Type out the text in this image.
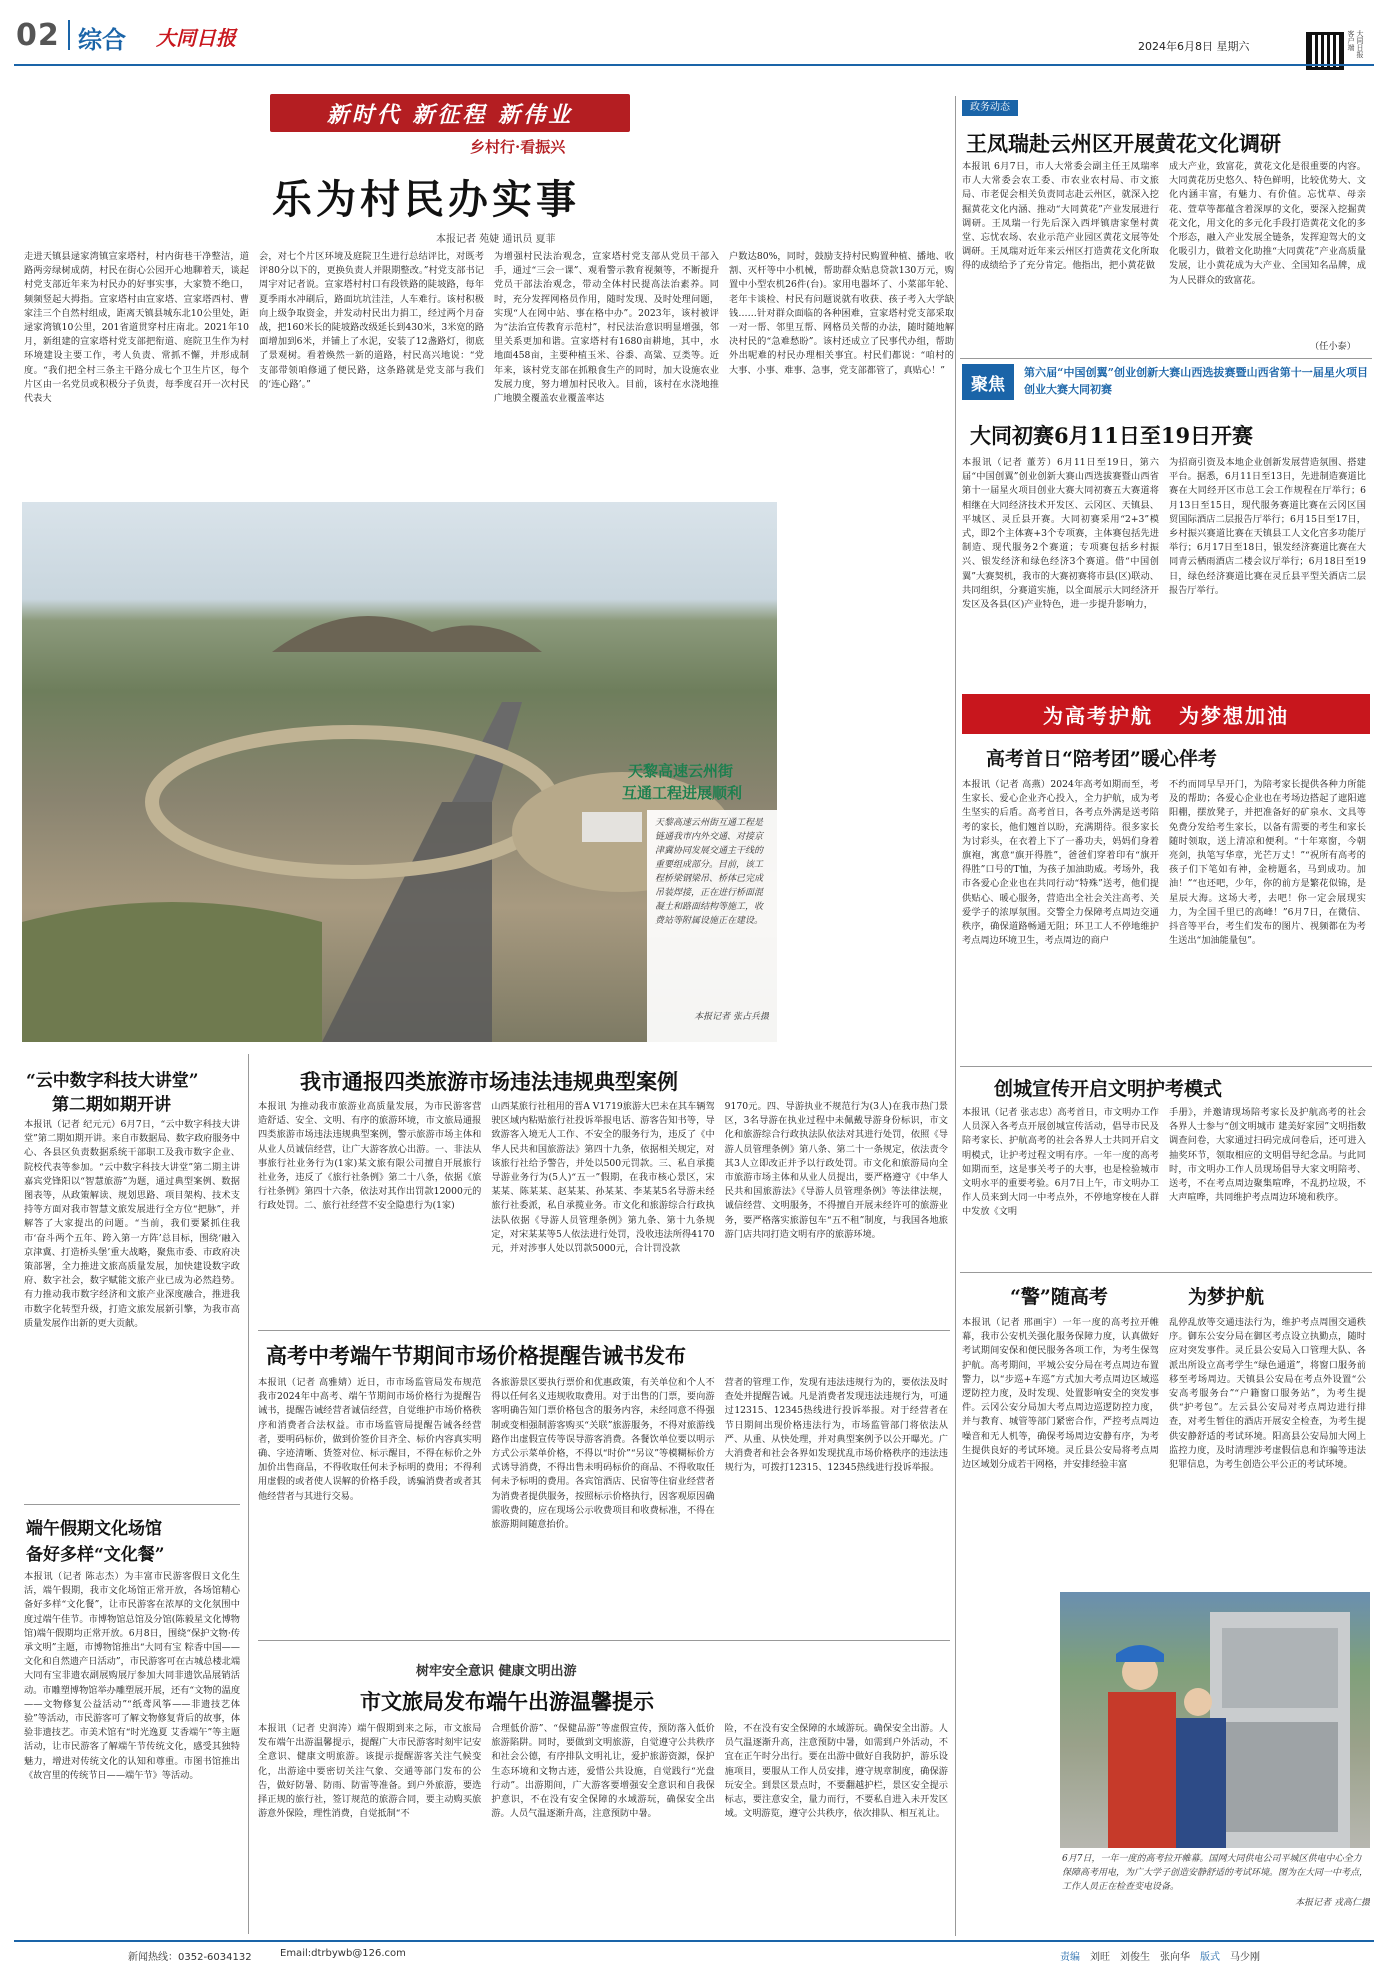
02 综合 大同日报	2024年6月8日 星期六	大同日报客户端
新时代 新征程 新伟业
乡村行·看振兴
乐为村民办实事
本报记者 苑婕 通讯员 夏菲
走进天镇县逯家湾镇宣家塔村，村内街巷干净整洁，道路两旁绿树成荫，村民在街心公园开心地聊着天，谈起村党支部近年来为村民办的好事实事，大家赞不绝口，频频竖起大拇指。宣家塔村由宣家塔、宣家塔西村、曹家洼三个自然村组成，距离天镇县城东北10公里处，距逯家湾镇10公里，201省道贯穿村庄南北。2021年10月，新组建的宣家塔村党支部把衔道、庭院卫生作为村环境建设主要工作，考人负责、常抓不懈，并形成制度。“我们把全村三条主干路分成七个卫生片区，每个片区由一名党员或积极分子负责，每季度召开一次村民代表大
会，对七个片区环境及庭院卫生进行总结评比，对既考评80分以下的，更换负责人并限期整改。”村党支部书记周宇对记者说。宣家塔村村口有段铁路的陡坡路，每年夏季雨水冲刷后，路面坑坑洼洼，人车难行。该村积极向上级争取资金，并发动村民出力捐工，经过两个月奋战，把160米长的陡坡路改级延长到430米，3米宽的路面增加到6米，并铺上了水泥，安装了12盏路灯，彻底了景观树。看着焕然一新的道路，村民高兴地说：“党支部带领咱修通了便民路，这条路就是党支部与我们的‘连心路’。”
为增强村民法治观念，宣家塔村党支部从党员干部入手，通过“三会一课”、观看警示教育视频等，不断提升党员干部法治观念，带动全体村民提高法治素养。同时，充分发挥网格员作用，随时发现、及时处理问题，实现“人在网中站、事在格中办”。2023年，该村被评为“法治宣传教育示范村”，村民法治意识明显增强，邻里关系更加和谐。宣家塔村有1680亩耕地，其中，水地面458亩，主要种植玉米、谷黍、高粱、豆类等。近年来，该村党支部在抓粮食生产的同时，加大设施农业发展力度，努力增加村民收入。目前，该村在水浇地推广地膜全覆盖农业覆盖率达
户数达80%，同时，鼓励支持村民购置种植、播地、收割、灭杆等中小机械，帮助群众贴息贷款130万元，购置中小型农机26件(台)。家用电器坏了、小菜部年轮、老年卡谈检、村民有问题说就有收获、孩子考入大学缺钱……针对群众面临的各种困难，宣家塔村党支部采取一对一帮、邻里互帮、网格员关帮的办法，随时随地解决村民的“急难愁盼”。该村还成立了民事代办组，帮助外出呢难的村民办理相关事宜。村民们都说：“咱村的大事、小事、难事、急事，党支部都管了，真贴心！”
天黎高速云州街
互通工程进展顺利
天黎高速云州街互通工程是链通我市内外交通、对接京津冀协同发展交通主干线的重要组成部分。目前，该工程桥梁钢梁吊、桥体已完成吊装焊接，正在进行桥面混凝土和路面结构等施工，收费站等附属设施正在建设。
本报记者 张占兵摄
政务动态
王凤瑞赴云州区开展黄花文化调研
本报讯 6月7日，市人大常委会副主任王凤瑞率市人大常委会农工委、市农业农村局、市文旅局、市老促会相关负责同志赴云州区，就深入挖掘黄花文化内涵、推动“大同黄花”产业发展进行调研。王凤瑞一行先后深入西坪镇唐家堡村黄堂、忘忧农场、农业示范产业园区黄花文展等处调研。王凤瑞对近年来云州区打造黄花文化所取得的成绩给予了充分肯定。他指出，把小黄花做
成大产业，致富花，黄花文化是很重要的内容。大同黄花历史悠久、特色鲜明，比较优势大、文化内涵丰富，有魅力、有价值。忘忧草、母亲花、萱草等都蕴含着深厚的文化，要深入挖掘黄花文化，用文化的多元化手段打造黄花文化的多个形态，融入产业发展全链条，发挥迎驾大的文化吸引力，做着文化助推“大同黄花”产业高质量发展，让小黄花成为大产业、全国知名品牌，成为人民群众的致富花。
（任小泰）
聚焦
第六届“中国创翼”创业创新大赛山西选拔赛暨山西省第十一届星火项目创业大赛大同初赛
大同初赛6月11日至19日开赛
本报讯（记者 董芳）6月11日至19日，第六届“中国创翼”创业创新大赛山西选拔赛暨山西省第十一届星火项目创业大赛大同初赛五大赛道将相继在大同经济技术开发区、云冈区、天镇县、平城区、灵丘县开赛。大同初赛采用“2+3”模式，即2个主体赛+3个专项赛，主体赛包括先进制造、现代服务2个赛道；专项赛包括乡村振兴、银发经济和绿色经济3个赛道。借“中国创翼”大赛契机，我市的大赛初赛将市县(区)联动、共同组织，分赛道实施，以全面展示大同经济开发区及各县(区)产业特色，进一步提升影响力，
为招商引资及本地企业创新发展营造氛围、搭建平台。据悉，6月11日至13日，先进制造赛道比赛在大同经开区市总工会工作规程在厅举行；6月13日至15日，现代服务赛道比赛在云冈区国贸国际酒店二层报告厅举行；6月15日至17日，乡村振兴赛道比赛在天镇县工人文化宫多功能厅举行；6月17日至18日，银发经济赛道比赛在大同青云栖雨酒店二楼会议厅举行；6月18日至19日，绿色经济赛道比赛在灵丘县平型关酒店二层报告厅举行。
为高考护航 为梦想加油
高考首日“陪考团”暖心伴考
本报讯（记者 高燕）2024年高考如期而至，考生家长、爱心企业齐心投入，全力护航，成为考生坚实的后盾。高考首日，各考点外满是送考陪考的家长，他们翘首以盼，充满期待。很多家长为讨彩头，在衣着上下了一番功夫，妈妈们身着旗袍，寓意“旗开得胜”，爸爸们穿着印有“旗开得胜”口号的T恤，为孩子加油助威。考场外，我市各爱心企业也在共同行动“特殊”送考，他们提供贴心、暖心服务，营造出全社会关注高考、关爱学子的浓厚氛围。交警全力保障考点周边交通秩序，确保道路畅通无阻；环卫工人不停地维护考点周边环境卫生，考点周边的商户
不约而同早早开门，为陪考家长提供各种力所能及的帮助；各爱心企业也在考场边搭起了遮阳遮阳棚，摆放凳子，并把准备好的矿泉水、文具等免费分发给考生家长，以备有需要的考生和家长随时领取，送上清凉和便利。“十年寒窗，今朝亮剑，执笔写华章，光芒万丈！”“祝所有高考的孩子们下笔如有神，金榜题名，马到成功。加油！”“也还吧，少年，你的前方是繁花似锦，是星辰大海。这场大考，去吧！你一定会展现实力，为全国千里已的高峰！”6月7日，在微信、抖音等平台，考生们发布的图片、视频都在为考生送出“加油能量包”。
创城宣传开启文明护考模式
本报讯（记者 张志忠）高考首日，市文明办工作人员深入各考点开展创城宣传活动，倡导市民及陪考家长、护航高考的社会各界人士共同开启文明模式，让护考过程文明有序。一年一度的高考如期而至，这是事关考子的大事，也是检验城市文明水平的重要考验。6月7日上午，市文明办工作人员来到大同一中考点外，不停地穿梭在人群中发放《文明
手册》，并邀请现场陪考家长及护航高考的社会各界人士参与“创文明城市 建美好家园”文明指数调查问卷，大家通过扫码完成问卷后，还可进入抽奖环节，领取相应的文明倡导纪念品。与此同时，市文明办工作人员现场倡导大家文明陪考、送考，不在考点周边聚集喧哗，不乱扔垃圾，不大声喧哗，共同维护考点周边环境和秩序。
“警”随高考	为梦护航
本报讯（记者 邢画宇）一年一度的高考拉开帷幕，我市公安机关强化服务保障力度，认真做好考试期间安保和便民服务各项工作，为考生保驾护航。高考期间，平城公安分局在考点周边布置警力，以“步巡+车巡”方式加大考点周边区域巡逻防控力度，及时发现、处置影响安全的突发事件。云冈公安分局加大考点周边巡逻防控力度，并与教育、城管等部门紧密合作，严控考点周边噪音和无人机等，确保考场周边安静有序，为考生提供良好的考试环境。灵丘县公安局将考点周边区域划分成若干网格，并安排经验丰富
乱停乱放等交通违法行为，维护考点周围交通秩序。御东公安分局在御区考点设立执勤点，随时应对突发事件。灵丘县公安局入口管理大队、各派出所设立高考学生“绿色通道”，将窗口服务前移至考场周边。天镇县公安局在考点外设置“公安高考服务台”“户籍窗口服务站”，为考生提供“护考包”。左云县公安局对考点周边进行排查，对考生暂住的酒店开展安全检查，为考生提供安静舒适的考试环境。阳高县公安局加大网上监控力度，及时清理涉考虚假信息和诈骗等违法犯罪信息，为考生创造公平公正的考试环境。
6月7日，一年一度的高考拉开帷幕。国网大同供电公司平城区供电中心全力保障高考用电，为广大学子创造安静舒适的考试环境。图为在大同一中考点，工作人员正在检查变电设备。
本报记者 戎高仁摄
“云中数字科技大讲堂”
第二期如期开讲
本报讯（记者 纪元元）6月7日，“云中数字科技大讲堂”第二期如期开讲。来自市数据局、数字政府服务中心、各县区负责数据系统干部职工及我市数字企业、院校代表等参加。“云中数字科技大讲堂”第二期主讲嘉宾党锋阳以“智慧旅游”为题，通过典型案例、数据图表等，从政策解读、规划思路、项目架构、技术支持等方面对我市智慧文旅发展进行全方位“把脉”，并解答了大家提出的问题。“当前，我们要紧抓住我市‘奋斗两个五年、跨入第一方阵’总目标，围绕‘融入京津冀、打造桥头堡’重大战略，聚焦市委、市政府决策部署，全力推进文旅高质量发展，加快建设数字政府、数字社会，数字赋能文旅产业已成为必然趋势。有力推动我市数字经济和文旅产业深度融合，推进我市数字化转型升级，打造文旅发展新引擎，为我市高质量发展作出新的更大贡献。
端午假期文化场馆
备好多样“文化餐”
本报讯（记者 陈志杰）为丰富市民游客假日文化生活，端午假期，我市文化场馆正常开放，各场馆精心备好多样“文化餐”，让市民游客在浓厚的文化氛围中度过端午佳节。市博物馆总馆及分馆(陈毅星文化博物馆)端午假期均正常开放。6月8日，围绕“保护文物·传承文明”主题，市博物馆推出“大同有宝 粽香中国——文化和自然遗产日活动”，市民游客可在古城总楼北端大同有宝非遗农副展购展厅参加大同非遗饮品展销活动。市雕塑博物馆举办雕塑展开展，还有“文物的温度——文物修复公益活动”“纸鸢风筝——非遗技艺体验”等活动，市民游客可了解文物修复背后的故事，体验非遗技艺。市美术馆有“时光逸夏 艾香端午”等主题活动，让市民游客了解端午节传统文化，感受其独特魅力，增进对传统文化的认知和尊重。市图书馆推出《故宫里的传统节日——端午节》等活动。
我市通报四类旅游市场违法违规典型案例
本报讯 为推动我市旅游业高质量发展，为市民游客营造舒适、安全、文明、有序的旅游环境，市文旅局通报四类旅游市场违法违规典型案例，警示旅游市场主体和从业人员诚信经营，让广大游客放心出游。一、非法从事旅行社业务行为(1家)某文旅有限公司擅自开展旅行社业务，违反了《旅行社条例》第二十八条，依据《旅行社条例》第四十六条，依法对其作出罚款12000元的行政处罚。二、旅行社经营不安全隐患行为(1家)
山西某旅行社租用的晋A V1719旅游大巴未在其车辆驾驶区域内粘贴旅行社投诉举报电话、游客告知书等，导致游客入境无人工作、不安全的服务行为，违反了《中华人民共和国旅游法》第四十九条，依据相关规定，对该旅行社给予警告，并处以500元罚款。三、私自承揽导游业务行为(5人)“五一”假期，在我市核心景区，宋某某、陈某某、赵某某、孙某某、李某某5名导游未经旅行社委派，私自承揽业务。市文化和旅游综合行政执法队依据《导游人员管理条例》第九条、第十九条规定，对宋某某等5人依法进行处罚，没收违法所得4170元，并对涉事人处以罚款5000元，合计罚没款
9170元。四、导游执业不规范行为(3人)在我市热门景区，3名导游在执业过程中未佩戴导游身份标识，市文化和旅游综合行政执法队依法对其进行处罚，依照《导游人员管理条例》第八条、第二十一条规定，依法责令其3人立即改正并予以行政处罚。市文化和旅游局向全市旅游市场主体和从业人员提出，要严格遵守《中华人民共和国旅游法》《导游人员管理条例》等法律法规，诚信经营、文明服务，不得擅自开展未经许可的旅游业务，要严格落实旅游包车“五不租”制度，与我国各地旅游门店共同打造文明有序的旅游环境。
高考中考端午节期间市场价格提醒告诫书发布
本报讯（记者 高雅婧）近日，市市场监管局发布规范我市2024年中高考、端午节期间市场价格行为提醒告诫书，提醒告诫经营者诚信经营，自觉维护市场价格秩序和消费者合法权益。市市场监管局提醒告诫各经营者，要明码标价，做到价签价目齐全、标价内容真实明确、字迹清晰、货签对位、标示醒目，不得在标价之外加价出售商品，不得收取任何未予标明的费用；不得利用虚假的或者使人误解的价格手段，诱骗消费者或者其他经营者与其进行交易。
各旅游景区要执行票价和优惠政策，有关单位和个人不得以任何名义违规收取费用。对于出售的门票，要向游客明确告知门票价格包含的服务内容，未经同意不得强制或变相强制游客购买“关联”旅游服务，不得对旅游线路作出虚假宣传等误导游客消费。各餐饮单位要以明示方式公示菜单价格，不得以“时价”“另议”等模糊标价方式诱导消费，不得出售未明码标价的商品、不得收取任何未予标明的费用。各宾馆酒店、民宿等住宿业经营者为消费者提供服务，按照标示价格执行，因客观原因确需收费的，应在现场公示收费项目和收费标准，不得在旅游期间随意抬价。
营者的管理工作，发现有违法违规行为的，要依法及时查处并提醒告诫。凡是消费者发现违法违规行为，可通过12315、12345热线进行投诉举报。对于经营者在节日期间出现价格违法行为，市场监管部门将依法从严、从重、从快处理，并对典型案例予以公开曝光。广大消费者和社会各界如发现扰乱市场价格秩序的违法违规行为，可拨打12315、12345热线进行投诉举报。
树牢安全意识 健康文明出游
市文旅局发布端午出游温馨提示
本报讯（记者 史润涛）端午假期到来之际，市文旅局发布端午出游温馨提示，提醒广大市民游客时刻牢记安全意识、健康文明旅游。该提示提醒游客关注气候变化，出游途中要密切关注气象、交通等部门发布的公告，做好防暑、防雨、防雷等准备。到户外旅游，要选择正规的旅行社，签订规范的旅游合同，要主动购买旅游意外保险，理性消费，自觉抵制“不
合理低价游”、“保健品游”等虚假宣传，预防落入低价旅游陷阱。同时，要做到文明旅游，自觉遵守公共秩序和社会公德，有序排队文明礼让，爱护旅游资源，保护生态环境和文物古迹，爱惜公共设施，自觉践行“光盘行动”。出游期间，广大游客要增强安全意识和自我保护意识，不在没有安全保障的水域游玩，确保安全出游。人员气温逐渐升高，注意预防中暑。
险，不在没有安全保障的水域游玩。确保安全出游。人员气温逐渐升高，注意预防中暑，如需到户外活动，不宜在正午时分出行。要在出游中做好自我防护，游乐设施项目，要服从工作人员安排，遵守规章制度，确保游玩安全。到景区景点时，不要翻越护栏，景区安全提示标志，要注意安全，量力而行，不要私自进入未开发区域。文明游览，遵守公共秩序，依次排队、相互礼让。
新闻热线：0352-6034132	Email:dtrbywb@126.com	责编 刘旺 刘俊生 张向华 版式 马少刚
